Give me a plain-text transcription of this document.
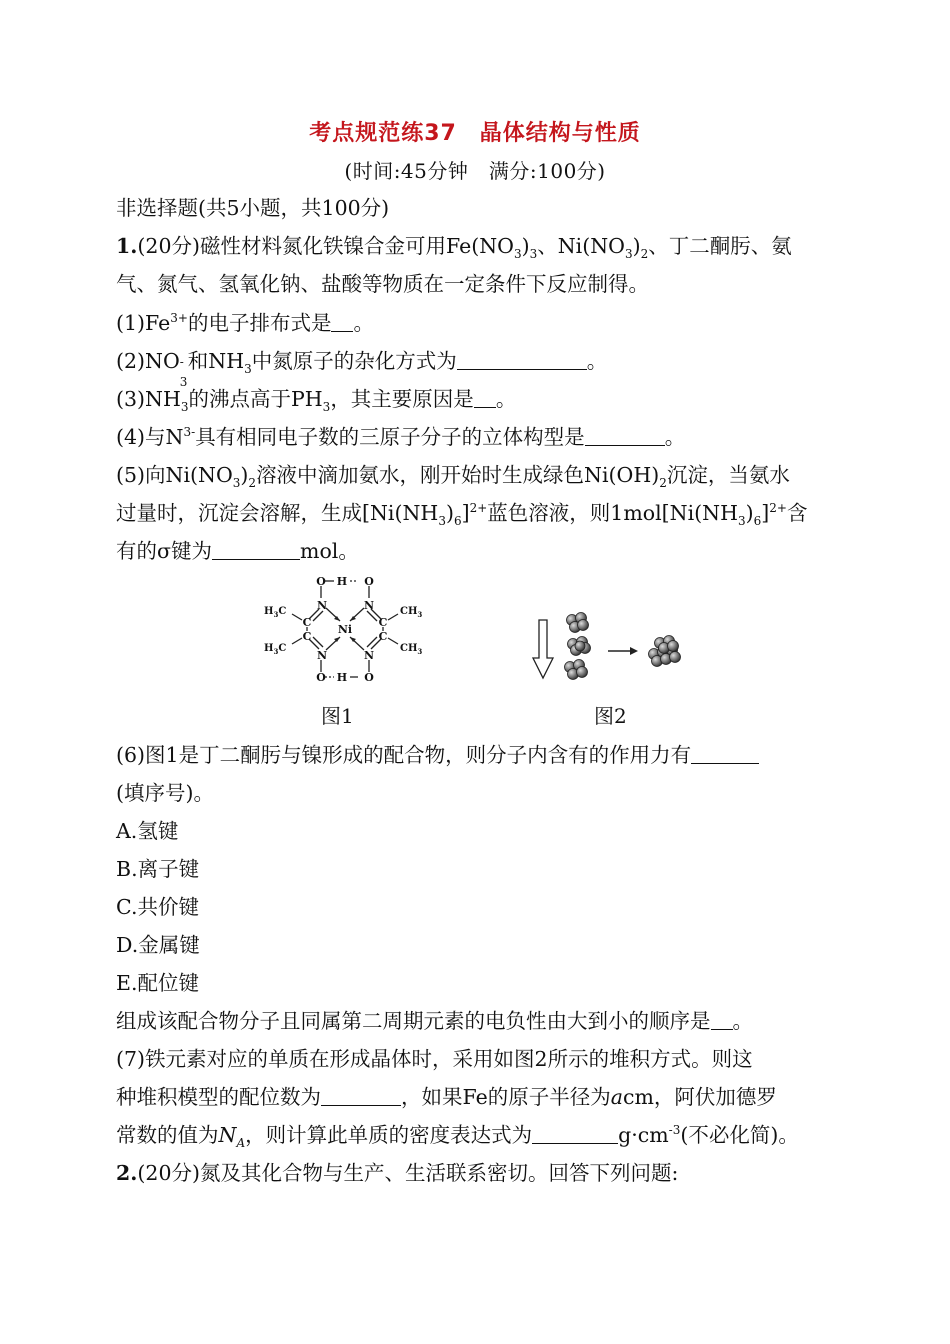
考点规范练37　晶体结构与性质
(时间:45分钟　满分:100分)
非选择题(共5小题，共100分)
1.(20分)磁性材料氮化铁镍合金可用$Fe(NO_3)_3$、$Ni(NO_3)_2$、丁二酮肟、氨
气、氮气、氢氧化钠、盐酸等物质在一定条件下反应制得。
$(1)Fe^{3+}$的电子排布式是 。
(2)NO -
3
和$NH_3$中氮原子的杂化方式为	。
$(3)NH_3$的沸点高于$PH_3$，其主要原因是 。
(4)与$N^{3-}$具有相同电子数的三原子分子的立体构型是	。
(5)向$Ni(NO_3)_2$溶液中滴加氨水，刚开始时生成绿色$Ni(OH)_2$沉淀，当氨水
过量时，沉淀会溶解，生成$[Ni(NH_3)_6]^{2+}$蓝色溶液，则$1mol[Ni(NH_3)_6]^{2+}$含
有的σ键为	mol。
O H O
N	N
C	C
Ni
C	C
N	N
O H O
$H_3C$
$H_3C$
$CH_3$
$CH_3$
图1	图2
(6)图1是丁二酮肟与镍形成的配合物，则分子内含有的作用力有
(填序号)。
A.氢键
B.离子键
C.共价键
D.金属键
E.配位键
组成该配合物分子且同属第二周期元素的电负性由大到小的顺序是 。
(7)铁元素对应的单质在形成晶体时，采用如图2所示的堆积方式。则这
种堆积模型的配位数为	，如果Fe的原子半径为acm，阿伏加德罗
常数的值为$N_A$，则计算此单质的密度表达式为	$g\cdot cm^{-3}$(不必化简)。
2.(20分)氮及其化合物与生产、生活联系密切。回答下列问题:
